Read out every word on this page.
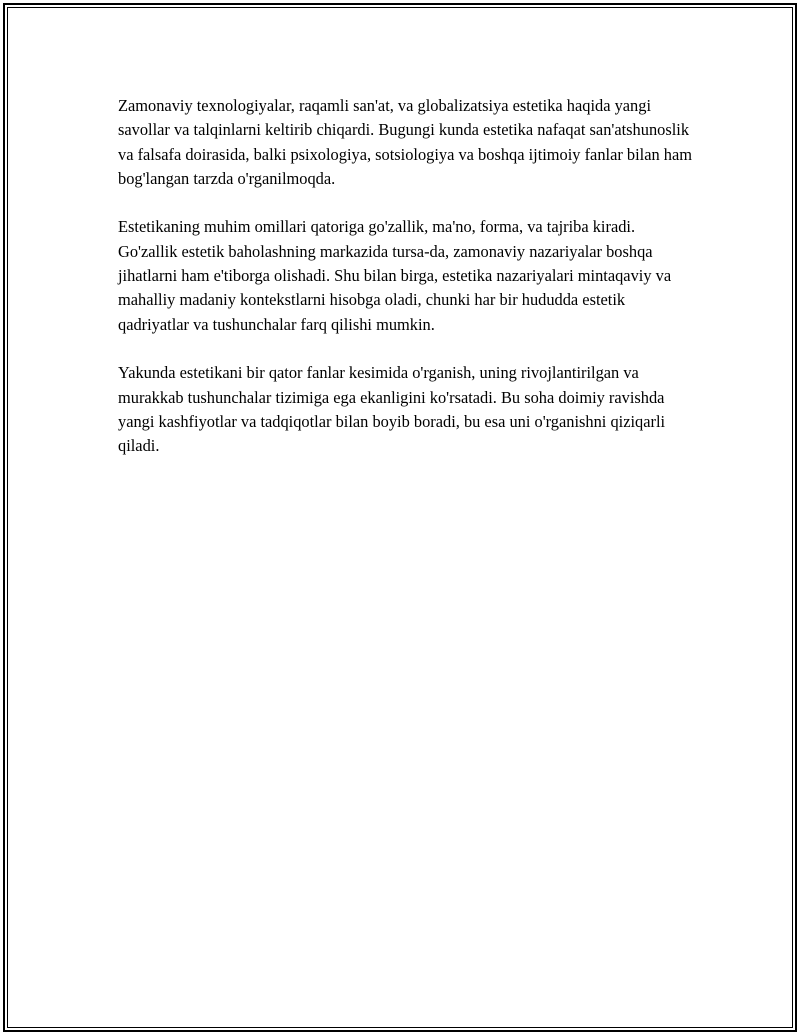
Zamonaviy texnologiyalar, raqamli san'at, va globalizatsiya estetika haqida yangi savollar va talqinlarni keltirib chiqardi. Bugungi kunda estetika nafaqat san'atshunoslik va falsafa doirasida, balki psixologiya, sotsiologiya va boshqa ijtimoiy fanlar bilan ham bog'langan tarzda o'rganilmoqda.

Estetikaning muhim omillari qatoriga go'zallik, ma'no, forma, va tajriba kiradi. Go'zallik estetik baholashning markazida tursa-da, zamonaviy nazariyalar boshqa jihatlarni ham e'tiborga olishadi. Shu bilan birga, estetika nazariyalari mintaqaviy va mahalliy madaniy kontekstlarni hisobga oladi, chunki har bir hududda estetik qadriyatlar va tushunchalar farq qilishi mumkin.

Yakunda estetikani bir qator fanlar kesimida o'rganish, uning rivojlantirilgan va murakkab tushunchalar tizimiga ega ekanligini ko'rsatadi. Bu soha doimiy ravishda yangi kashfiyotlar va tadqiqotlar bilan boyib boradi, bu esa uni o'rganishni qiziqarli qiladi.
